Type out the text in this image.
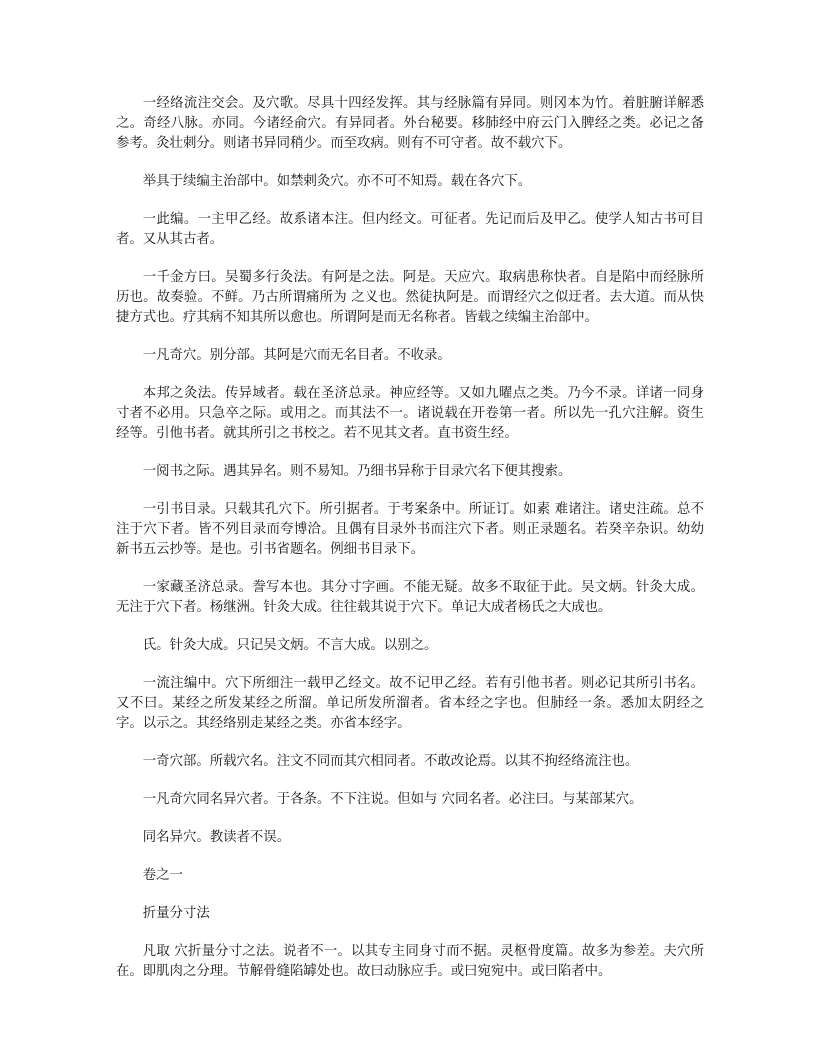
一经络流注交会。及穴歌。尽具十四经发挥。其与经脉篇有异同。则冈本为竹。着脏腑详解悉之。奇经八脉。亦同。今诸经俞穴。有异同者。外台秘要。移肺经中府云门入脾经之类。必记之备参考。灸壮刺分。则诸书异同稍少。而至攻病。则有不可守者。故不载穴下。

举具于续编主治部中。如禁剌灸穴。亦不可不知焉。载在各穴下。

一此编。一主甲乙经。故系诸本注。但内经文。可征者。先记而后及甲乙。使学人知古书可目者。又从其古者。

一千金方曰。吴蜀多行灸法。有阿是之法。阿是。天应穴。取病患称快者。自是陷中而经脉所历也。故奏验。不鲜。乃古所谓痛所为 之义也。然徒执阿是。而谓经穴之似迂者。去大道。而从快捷方式也。疗其病不知其所以愈也。所谓阿是而无名称者。皆载之续编主治部中。

一凡奇穴。别分部。其阿是穴而无名目者。不收录。

本邦之灸法。传异域者。载在圣济总录。神应经等。又如九曜点之类。乃今不录。详诸一同身寸者不必用。只急卒之际。或用之。而其法不一。诸说载在开卷第一者。所以先一孔穴注解。资生经等。引他书者。就其所引之书校之。若不见其文者。直书资生经。

一阅书之际。遇其异名。则不易知。乃细书异称于目录穴名下便其搜索。

一引书目录。只载其孔穴下。所引据者。于考案条中。所证订。如素 难诸注。诸史注疏。总不注于穴下者。皆不列目录而夸博洽。且偶有目录外书而注穴下者。则正录题名。若癸辛杂识。幼幼新书五云抄等。是也。引书省题名。例细书目录下。

一家藏圣济总录。誊写本也。其分寸字画。不能无疑。故多不取征于此。吴文炳。针灸大成。无注于穴下者。杨继洲。针灸大成。往往载其说于穴下。单记大成者杨氏之大成也。

氏。针灸大成。只记吴文炳。不言大成。以别之。

一流注编中。穴下所细注一载甲乙经文。故不记甲乙经。若有引他书者。则必记其所引书名。又不曰。某经之所发某经之所溜。单记所发所溜者。省本经之字也。但肺经一条。悉加太阴经之字。以示之。其经络别走某经之类。亦省本经字。

一奇穴部。所载穴名。注文不同而其穴相同者。不敢改论焉。以其不拘经络流注也。

一凡奇穴同名异穴者。于各条。不下注说。但如与 穴同名者。必注曰。与某部某穴。

同名异穴。教读者不误。

卷之一

折量分寸法

凡取 穴折量分寸之法。说者不一。以其专主同身寸而不据。灵枢骨度篇。故多为参差。夫穴所在。即肌肉之分理。节解骨缝陷罅处也。故曰动脉应手。或曰宛宛中。或曰陷者中。
